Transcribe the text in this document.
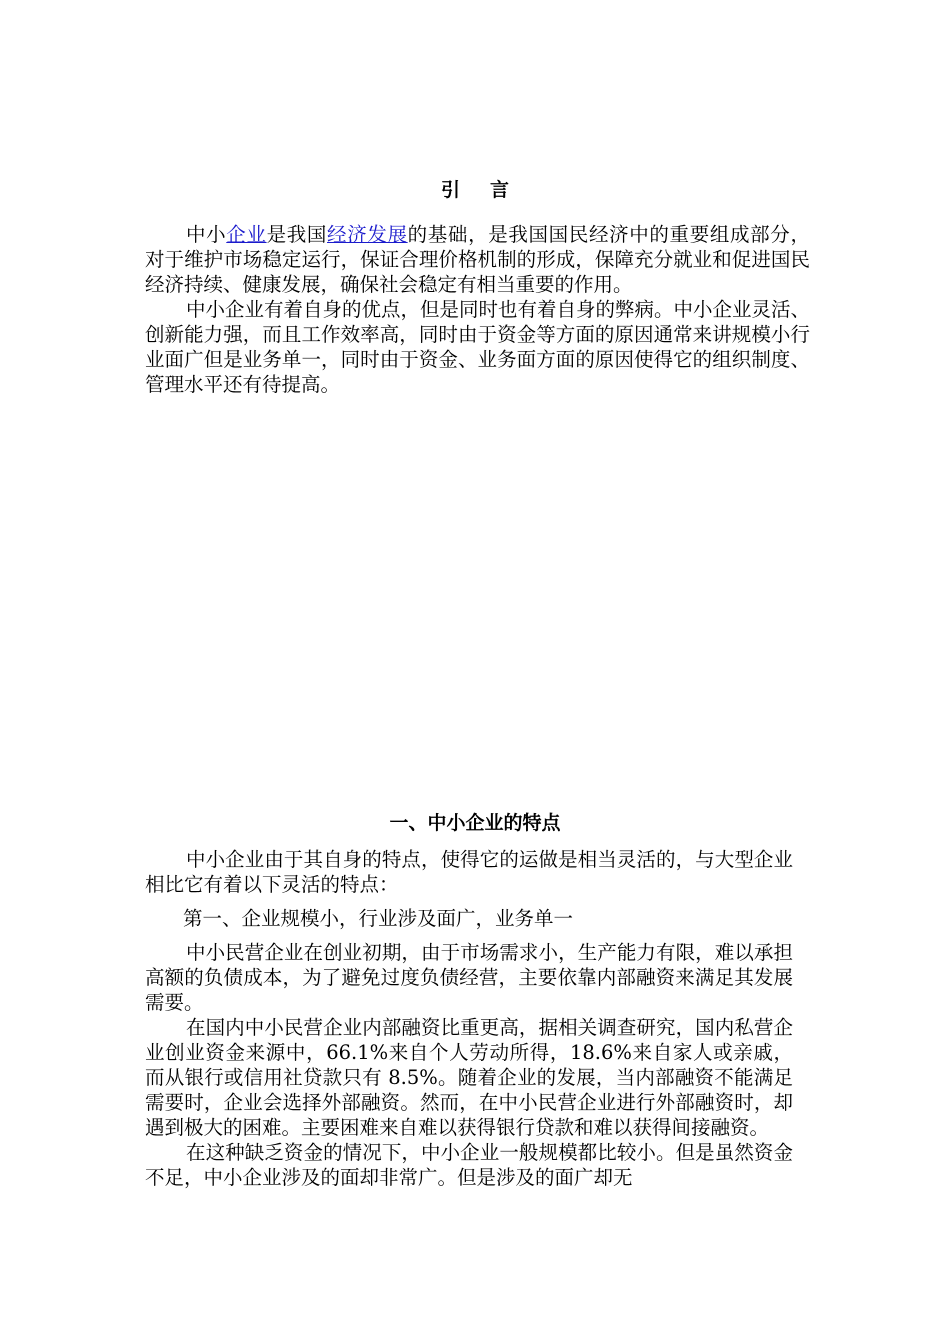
引言

中小企业是我国经济发展的基础，是我国国民经济中的重要组成部分，对于维护市场稳定运行，保证合理价格机制的形成，保障充分就业和促进国民经济持续、健康发展，确保社会稳定有相当重要的作用。

中小企业有着自身的优点，但是同时也有着自身的弊病。中小企业灵活、创新能力强，而且工作效率高，同时由于资金等方面的原因通常来讲规模小行业面广但是业务单一，同时由于资金、业务面方面的原因使得它的组织制度、管理水平还有待提高。

一、中小企业的特点

中小企业由于其自身的特点，使得它的运做是相当灵活的，与大型企业相比它有着以下灵活的特点：

第一、企业规模小，行业涉及面广，业务单一

中小民营企业在创业初期，由于市场需求小，生产能力有限，难以承担高额的负债成本，为了避免过度负债经营，主要依靠内部融资来满足其发展需要。

在国内中小民营企业内部融资比重更高，据相关调查研究，国内私营企业创业资金来源中，66.1%来自个人劳动所得，18.6%来自家人或亲戚，而从银行或信用社贷款只有 8.5%。随着企业的发展，当内部融资不能满足需要时，企业会选择外部融资。然而，在中小民营企业进行外部融资时，却遇到极大的困难。主要困难来自难以获得银行贷款和难以获得间接融资。

在这种缺乏资金的情况下，中小企业一般规模都比较小。但是虽然资金不足，中小企业涉及的面却非常广。但是涉及的面广却无
